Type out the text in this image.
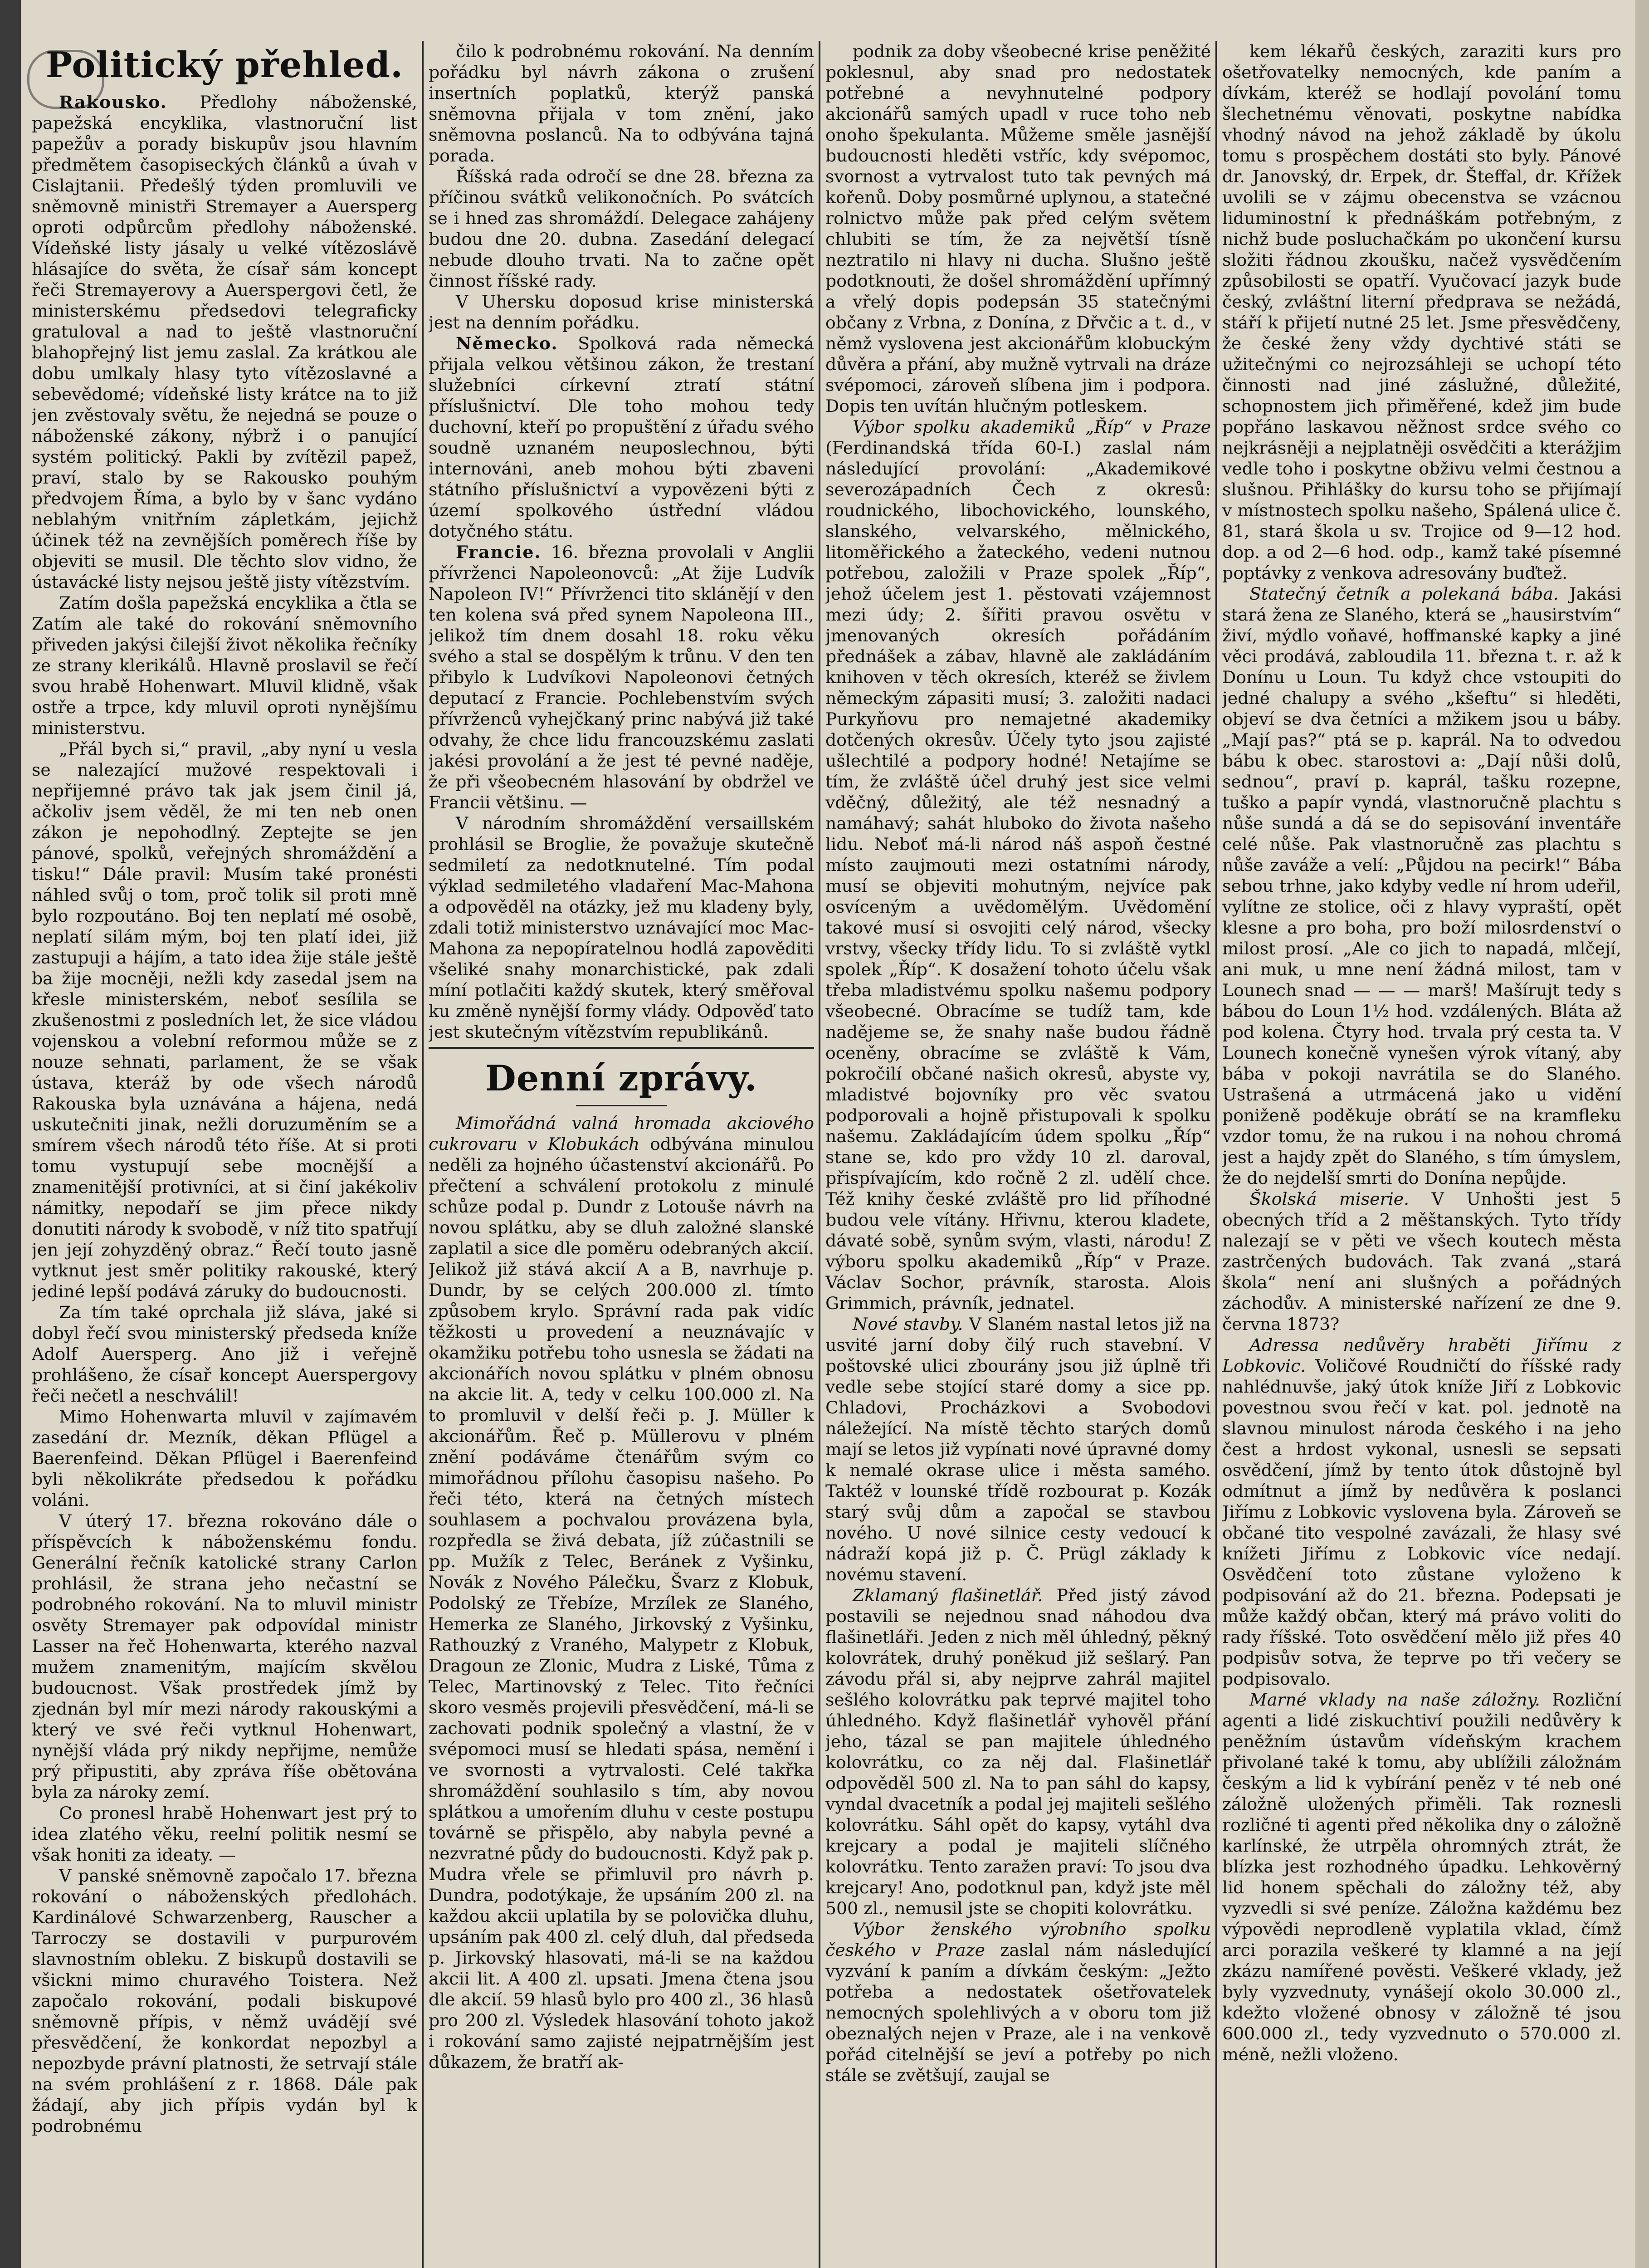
Politický přehled.

Rakousko. Předlohy náboženské, papežská encyklika, vlastnoruční list papežův a porady biskupův jsou hlavním předmětem časopiseckých článků a úvah v Cislajtanii. Předešlý týden promluvili ve sněmovně ministři Stremayer a Auersperg oproti odpůrcům předlohy náboženské. Vídeňské listy jásaly u velké vítězoslávě hlásajíce do světa, že císař sám koncept řeči Stremayerovy a Auerspergovi četl, že ministerskému předsedovi telegraficky gratuloval a nad to ještě vlastnoruční blahopřejný list jemu zaslal. Za krátkou ale dobu umlkaly hlasy tyto vítězoslavné a sebevědomé; vídeňské listy krátce na to již jen zvěstovaly světu, že nejedná se pouze o náboženské zákony, nýbrž i o panující systém politický. Pakli by zvítězil papež, praví, stalo by se Rakousko pouhým předvojem Říma, a bylo by v šanc vydáno neblahým vnitřním zápletkám, jejichž účinek též na zevnějších poměrech říše by objeviti se musil. Dle těchto slov vidno, že ústavácké listy nejsou ještě jisty vítězstvím.

Zatím došla papežská encyklika a čtla se Zatím ale také do rokování sněmovního přiveden jakýsi čilejší život několika řečníky ze strany klerikálů. Hlavně proslavil se řečí svou hrabě Hohenwart. Mluvil klidně, však ostře a trpce, kdy mluvil oproti nynějšímu ministerstvu.

„Přál bych si,“ pravil, „aby nyní u vesla se nalezající mužové respektovali i nepřijemné právo tak jak jsem činil já, ačkoliv jsem věděl, že mi ten neb onen zákon je nepohodlný. Zeptejte se jen pánové, spolků, veřejných shromáždění a tisku!“ Dále pravil: Musím také pronésti náhled svůj o tom, proč tolik sil proti mně bylo rozpoutáno. Boj ten neplatí mé osobě, neplatí silám mým, boj ten platí idei, již zastupuji a hájím, a tato idea žije stále ještě ba žije mocněji, nežli kdy zasedal jsem na křesle ministerském, neboť sesílila se zkušenostmi z posledních let, že sice vládou vojenskou a volební reformou může se z nouze sehnati, parlament, že se však ústava, kteráž by ode všech národů Rakouska byla uznávána a hájena, nedá uskutečniti jinak, nežli doruzuměním se a smírem všech národů této říše. At si proti tomu vystupují sebe mocnější a znamenitější protivníci, at si činí jakékoliv námitky, nepodaří se jim přece nikdy donutiti národy k svobodě, v níž tito spatřují jen její zohyzděný obraz.“ Řečí touto jasně vytknut jest směr politiky rakouské, který jediné lepší podává záruky do budoucnosti.

Za tím také oprchala již sláva, jaké si dobyl řečí svou ministerský předseda kníže Adolf Auersperg. Ano již i veřejně prohlášeno, že císař koncept Auerspergovy řeči nečetl a neschválil!

Mimo Hohenwarta mluvil v zajímavém zasedání dr. Mezník, děkan Pflügel a Baerenfeind. Děkan Pflügel i Baerenfeind byli několikráte předsedou k pořádku voláni.

V úterý 17. března rokováno dále o příspěvcích k náboženskému fondu. Generální řečník katolické strany Carlon prohlásil, že strana jeho nečastní se podrobného rokování. Na to mluvil ministr osvěty Stremayer pak odpovídal ministr Lasser na řeč Hohenwarta, kterého nazval mužem znamenitým, majícím skvělou budoucnost. Však prostředek jímž by zjednán byl mír mezi národy rakouskými a který ve své řeči vytknul Hohenwart, nynější vláda prý nikdy nepřijme, nemůže prý připustiti, aby zpráva říše obětována byla za nároky zemí.

Co pronesl hrabě Hohenwart jest prý to idea zlatého věku, reelní politik nesmí se však honiti za ideaty. —

V panské sněmovně započalo 17. března rokování o náboženských předlohách. Kardinálové Schwarzenberg, Rauscher a Tarroczy se dostavili v purpurovém slavnostním obleku. Z biskupů dostavili se všickni mimo churavého Toistera. Než započalo rokování, podali biskupové sněmovně přípis, v němž uvádějí své přesvědčení, že konkordat nepozbyl a nepozbyde právní platnosti, že setrvají stále na svém prohlášení z r. 1868. Dále pak žádají, aby jich přípis vydán byl k podrobnému

čilo k podrobnému rokování. Na denním pořádku byl návrh zákona o zrušení insertních poplatků, kterýž panská sněmovna přijala v tom znění, jako sněmovna poslanců. Na to odbývána tajná porada.

Říšská rada odročí se dne 28. března za příčinou svátků velikonočních. Po svátcích se i hned zas shromáždí. Delegace zahájeny budou dne 20. dubna. Zasedání delegací nebude dlouho trvati. Na to začne opět činnost říšské rady.

V Uhersku doposud krise ministerská jest na denním pořádku.

Německo. Spolková rada německá přijala velkou většinou zákon, že trestaní služebníci církevní ztratí státní příslušnictví. Dle toho mohou tedy duchovní, kteří po propuštění z úřadu svého soudně uznaném neuposlechnou, býti internováni, aneb mohou býti zbaveni státního příslušnictví a vypovězeni býti z území spolkového ústřední vládou dotyčného státu.

Francie. 16. března provolali v Anglii přívrženci Napoleonovců: „At žije Ludvík Napoleon IV!“ Přívrženci tito sklánějí v den ten kolena svá před synem Napoleona III., jelikož tím dnem dosahl 18. roku věku svého a stal se dospělým k trůnu. V den ten přibylo k Ludvíkovi Napoleonovi četných deputací z Francie. Pochlebenstvím svých přívrženců vyhejčkaný princ nabývá již také odvahy, že chce lidu francouzskému zaslati jakési provolání a že jest té pevné naděje, že při všeobecném hlasování by obdržel ve Francii většinu. —

V národním shromáždění versaillském prohlásil se Broglie, že považuje skutečně sedmiletí za nedotknutelné. Tím podal výklad sedmiletého vladaření Mac-Mahona a odpověděl na otázky, jež mu kladeny byly, zdali totiž ministerstvo uznávající moc Mac-Mahona za nepopíratelnou hodlá zapověditi všeliké snahy monarchistické, pak zdali míní potlačiti každý skutek, který směřoval ku změně nynější formy vlády. Odpověď tato jest skutečným vítězstvím republikánů.

Denní zprávy.

Mimořádná valná hromada akciového cukrovaru v Klobukách odbývána minulou neděli za hojného účastenství akcionářů. Po přečtení a schválení protokolu z minulé schůze podal p. Dundr z Lotouše návrh na novou splátku, aby se dluh založné slanské zaplatil a sice dle poměru odebraných akcií. Jelikož již stává akcií A a B, navrhuje p. Dundr, by se celých 200.000 zl. tímto způsobem krylo. Správní rada pak vidíc těžkosti u provedení a neuznávajíc v okamžiku potřebu toho usnesla se žádati na akcionářích novou splátku v plném obnosu na akcie lit. A, tedy v celku 100.000 zl. Na to promluvil v delší řeči p. J. Müller k akcionářům. Řeč p. Müllerovu v plném znění podáváme čtenářům svým co mimořádnou přílohu časopisu našeho. Po řeči této, která na četných místech souhlasem a pochvalou provázena byla, rozpředla se živá debata, jíž zúčastnili se pp. Mužík z Telec, Beránek z Vyšinku, Novák z Nového Pálečku, Švarz z Klobuk, Podolský ze Třebíze, Mrzílek ze Slaného, Hemerka ze Slaného, Jirkovský z Vyšinku, Rathouzký z Vraného, Malypetr z Klobuk, Dragoun ze Zlonic, Mudra z Liské, Tůma z Telec, Martinovský z Telec. Tito řečníci skoro vesměs projevili přesvědčení, má-li se zachovati podnik společný a vlastní, že v svépomoci musí se hledati spása, nemění i ve svornosti a vytrvalosti. Celé takřka shromáždění souhlasilo s tím, aby novou splátkou a umořením dluhu v ceste postupu továrně se přispělo, aby nabyla pevné a nezvratné půdy do budoucnosti. Když pak p. Mudra vřele se přimluvil pro návrh p. Dundra, podotýkaje, že upsáním 200 zl. na každou akcii uplatila by se polovička dluhu, upsáním pak 400 zl. celý dluh, dal předseda p. Jirkovský hlasovati, má-li se na každou akcii lit. A 400 zl. upsati. Jmena čtena jsou dle akcií. 59 hlasů bylo pro 400 zl., 36 hlasů pro 200 zl. Výsledek hlasování tohoto jakož i rokování samo zajisté nejpatrnějším jest důkazem, že bratří ak-

podnik za doby všeobecné krise peněžité poklesnul, aby snad pro nedostatek potřebné a nevyhnutelné podpory akcionářů samých upadl v ruce toho neb onoho špekulanta. Můžeme směle jasnější budoucnosti hleděti vstříc, kdy svépomoc, svornost a vytrvalost tuto tak pevných má kořenů. Doby posmůrné uplynou, a statečné rolnictvo může pak před celým světem chlubiti se tím, že za největší tísně neztratilo ni hlavy ni ducha. Slušno ještě podotknouti, že došel shromáždění upřímný a vřelý dopis podepsán 35 statečnými občany z Vrbna, z Donína, z Dřvčic a t. d., v němž vyslovena jest akcionářům klobuckým důvěra a přání, aby mužně vytrvali na dráze svépomoci, zároveň slíbena jim i podpora. Dopis ten uvítán hlučným potleskem.

Výbor spolku akademiků „Říp“ v Praze (Ferdinandská třída 60-I.) zaslal nám následující provolání: „Akademikové severozápadních Čech z okresů: roudnického, libochovického, lounského, slanského, velvarského, mělnického, litoměřického a žateckého, vedeni nutnou potřebou, založili v Praze spolek „Říp“, jehož účelem jest 1. pěstovati vzájemnost mezi údy; 2. šířiti pravou osvětu v jmenovaných okresích pořádáním přednášek a zábav, hlavně ale zakládáním knihoven v těch okresích, kteréž se živlem německým zápasiti musí; 3. založiti nadaci Purkyňovu pro nemajetné akademiky dotčených okresův. Účely tyto jsou zajisté ušlechtilé a podpory hodné! Netajíme se tím, že zvláště účel druhý jest sice velmi vděčný, důležitý, ale též nesnadný a namáhavý; sahát hluboko do života našeho lidu. Neboť má-li národ náš aspoň čestné místo zaujmouti mezi ostatními národy, musí se objeviti mohutným, nejvíce pak osvíceným a uvědomělým. Uvědomění takové musí si osvojiti celý národ, všecky vrstvy, všecky třídy lidu. To si zvláště vytkl spolek „Říp“. K dosažení tohoto účelu však třeba mladistvému spolku našemu podpory všeobecné. Obracíme se tudíž tam, kde nadějeme se, že snahy naše budou řádně oceněny, obracíme se zvláště k Vám, pokročilí občané našich okresů, abyste vy, mladistvé bojovníky pro věc svatou podporovali a hojně přistupovali k spolku našemu. Zakládajícím údem spolku „Říp“ stane se, kdo pro vždy 10 zl. daroval, přispívajícím, kdo ročně 2 zl. udělí chce. Též knihy české zvláště pro lid příhodné budou vele vítány. Hřivnu, kterou kladete, dávaté sobě, synům svým, vlasti, národu! Z výboru spolku akademiků „Říp“ v Praze. Václav Sochor, právník, starosta. Alois Grimmich, právník, jednatel.

Nové stavby. V Slaném nastal letos již na usvité jarní doby čilý ruch stavební. V poštovské ulici zbourány jsou již úplně tři vedle sebe stojící staré domy a sice pp. Chladovi, Procházkovi a Svobodovi náležející. Na místě těchto starých domů mají se letos již vypínati nové úpravné domy k nemalé okrase ulice i města samého. Taktéž v lounské třídě rozbourat p. Kozák starý svůj dům a započal se stavbou nového. U nové silnice cesty vedoucí k nádraží kopá již p. Č. Prügl základy k novému stavení.

Zklamaný flašinetlář. Před jistý závod postavili se nejednou snad náhodou dva flašinetláři. Jeden z nich měl úhledný, pěkný kolovrátek, druhý poněkud již sešlarý. Pan závodu přál si, aby nejprve zahrál majitel sešlého kolovrátku pak teprvé majitel toho úhledného. Když flašinetlář vyhověl přání jeho, tázal se pan majitele úhledného kolovrátku, co za něj dal. Flašinetlář odpověděl 500 zl. Na to pan sáhl do kapsy, vyndal dvacetník a podal jej majiteli sešlého kolovrátku. Sáhl opět do kapsy, vytáhl dva krejcary a podal je majiteli slíčného kolovrátku. Tento zaražen praví: To jsou dva krejcary! Ano, podotknul pan, když jste měl 500 zl., nemusil jste se chopiti kolovrátku.

Výbor ženského výrobního spolku českého v Praze zaslal nám následující vyzvání k paním a dívkám českým: „Ježto potřeba a nedostatek ošetřovatelek nemocných spolehlivých a v oboru tom již obeznalých nejen v Praze, ale i na venkově pořád citelnější se jeví a potřeby po nich stále se zvětšují, zaujal se

kem lékařů českých, zaraziti kurs pro ošetřovatelky nemocných, kde paním a dívkám, kteréž se hodlají povolání tomu šlechetnému věnovati, poskytne nabídka vhodný návod na jehož základě by úkolu tomu s prospěchem dostáti sto byly. Pánové dr. Janovský, dr. Erpek, dr. Šteffal, dr. Křížek uvolili se v zájmu obecenstva se vzácnou liduminostní k přednáškám potřebným, z nichž bude posluchačkám po ukončení kursu složiti řádnou zkoušku, načež vysvědčením způsobilosti se opatří. Vyučovací jazyk bude český, zvláštní literní předprava se nežádá, stáří k přijetí nutné 25 let. Jsme přesvědčeny, že české ženy vždy dychtivé státi se užitečnými co nejrozsáhleji se uchopí této činnosti nad jiné záslužné, důležité, schopnostem jich přiměřené, kdež jim bude popřáno laskavou něžnost srdce svého co nejkrásněji a nejplatněji osvědčiti a kterážjim vedle toho i poskytne obživu velmi čestnou a slušnou. Přihlášky do kursu toho se přijímají v místnostech spolku našeho, Spálená ulice č. 81, stará škola u sv. Trojice od 9—12 hod. dop. a od 2—6 hod. odp., kamž také písemné poptávky z venkova adresovány buďtež.

Statečný četník a polekaná bába. Jakási stará žena ze Slaného, která se „hausirstvím“ živí, mýdlo voňavé, hoffmanské kapky a jiné věci prodává, zabloudila 11. března t. r. až k Donínu u Loun. Tu když chce vstoupiti do jedné chalupy a svého „kšeftu“ si hleděti, objeví se dva četníci a mžikem jsou u báby. „Mají pas?“ ptá se p. kaprál. Na to odvedou bábu k obec. starostovi a: „Dají nůši dolů, sednou“, praví p. kaprál, tašku rozepne, tuško a papír vyndá, vlastnoručně plachtu s nůše sundá a dá se do sepisování inventáře celé nůše. Pak vlastnoručně zas plachtu s nůše zaváže a velí: „Půjdou na pecirk!“ Bába sebou trhne, jako kdyby vedle ní hrom udeřil, vylítne ze stolice, oči z hlavy vypraští, opět klesne a pro boha, pro boží milosrdenství o milost prosí. „Ale co jich to napadá, mlčejí, ani muk, u mne není žádná milost, tam v Lounech snad — — — marš! Mašírujt tedy s bábou do Loun 1½ hod. vzdálených. Bláta až pod kolena. Čtyry hod. trvala prý cesta ta. V Lounech konečně vynešen výrok vítaný, aby bába v pokoji navrátila se do Slaného. Ustrašená a utrmácená jako u vidění poniženě poděkuje obrátí se na kramfleku vzdor tomu, že na rukou i na nohou chromá jest a hajdy zpět do Slaného, s tím úmyslem, že do nejdelší smrti do Donína nepůjde.

Školská miserie. V Unhošti jest 5 obecných tříd a 2 měštanských. Tyto třídy nalezají se v pěti ve všech koutech města zastrčených budovách. Tak zvaná „stará škola“ není ani slušných a pořádných záchodův. A ministerské nařízení ze dne 9. června 1873?

Adressa nedůvěry hraběti Jiřímu z Lobkovic. Voličové Roudničtí do říšské rady nahlédnuvše, jaký útok kníže Jiří z Lobkovic povestnou svou řečí v kat. pol. jednotě na slavnou minulost národa českého i na jeho čest a hrdost vykonal, usnesli se sepsati osvědčení, jímž by tento útok důstojně byl odmítnut a jímž by nedůvěra k poslanci Jiřímu z Lobkovic vyslovena byla. Zároveň se občané tito vespolné zavázali, že hlasy své knížeti Jiřímu z Lobkovic více nedají. Osvědčení toto zůstane vyloženo k podpisování až do 21. března. Podepsati je může každý občan, který má právo voliti do rady říšské. Toto osvědčení mělo již přes 40 podpisův sotva, že teprve po tři večery se podpisovalo.

Marné vklady na naše záložny. Rozliční agenti a lidé ziskuchtiví použili nedůvěry k peněžním ústavům vídeňským krachem přivolané také k tomu, aby ublížili záložnám českým a lid k vybírání peněz v té neb oné záložně uložených přiměli. Tak roznesli rozličné ti agenti před několika dny o záložně karlínské, že utrpěla ohromných ztrát, že blízka jest rozhodného úpadku. Lehkověrný lid honem spěchali do záložny též, aby vyzvedli si své peníze. Záložna každému bez výpovědi neprodleně vyplatila vklad, čímž arci porazila veškeré ty klamné a na její zkázu namířené pověsti. Veškeré vklady, jež byly vyzvednuty, vynášejí okolo 30.000 zl., kdežto vložené obnosy v záložně té jsou 600.000 zl., tedy vyzvednuto o 570.000 zl. méně, nežli vloženo.
